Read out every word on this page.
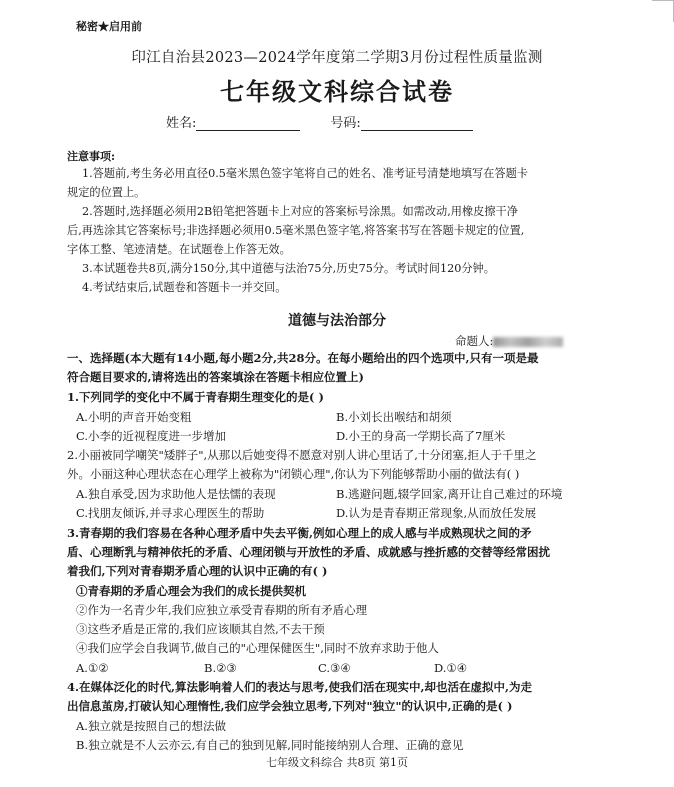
秘密★启用前
印江自治县2023—2024学年度第二学期3月份过程性质量监测
七年级文科综合试卷
姓名:	号码:
注意事项:
1.答题前,考生务必用直径0.5毫米黑色签字笔将自己的姓名、准考证号清楚地填写在答题卡
规定的位置上。
2.答题时,选择题必须用2B铅笔把答题卡上对应的答案标号涂黑。如需改动,用橡皮擦干净
后,再选涂其它答案标号;非选择题必须用0.5毫米黑色签字笔,将答案书写在答题卡规定的位置,
字体工整、笔迹清楚。在试题卷上作答无效。
3.本试题卷共8页,满分150分,其中道德与法治75分,历史75分。考试时间120分钟。
4.考试结束后,试题卷和答题卡一并交回。
道德与法治部分
命题人:
一、选择题(本大题有14小题,每小题2分,共28分。在每小题给出的四个选项中,只有一项是最
符合题目要求的,请将选出的答案填涂在答题卡相应位置上)
1.下列同学的变化中不属于青春期生理变化的是( )
A.小明的声音开始变粗	B.小刘长出喉结和胡须
C.小李的近视程度进一步增加	D.小王的身高一学期长高了7厘米
2.小丽被同学嘲笑"矮胖子",从那以后她变得不愿意对别人讲心里话了,十分闭塞,拒人于千里之
外。小丽这种心理状态在心理学上被称为"闭锁心理",你认为下列能够帮助小丽的做法有( )
A.独自承受,因为求助他人是怯懦的表现	B.逃避问题,辍学回家,离开让自己难过的环境
C.找朋友倾诉,并寻求心理医生的帮助	D.认为是青春期正常现象,从而放任发展
3.青春期的我们容易在各种心理矛盾中失去平衡,例如心理上的成人感与半成熟现状之间的矛
盾、心理断乳与精神依托的矛盾、心理闭锁与开放性的矛盾、成就感与挫折感的交替等经常困扰
着我们,下列对青春期矛盾心理的认识中正确的有( )
①青春期的矛盾心理会为我们的成长提供契机
②作为一名青少年,我们应独立承受青春期的所有矛盾心理
③这些矛盾是正常的,我们应该顺其自然,不去干预
④我们应学会自我调节,做自己的"心理保健医生",同时不放弃求助于他人
A.①②	B.②③	C.③④	D.①④
4.在媒体泛化的时代,算法影响着人们的表达与思考,使我们活在现实中,却也活在虚拟中,为走
出信息茧房,打破认知心理惰性,我们应学会独立思考,下列对"独立"的认识中,正确的是( )
A.独立就是按照自己的想法做
B.独立就是不人云亦云,有自己的独到见解,同时能接纳别人合理、正确的意见
七年级文科综合 共8页 第1页
